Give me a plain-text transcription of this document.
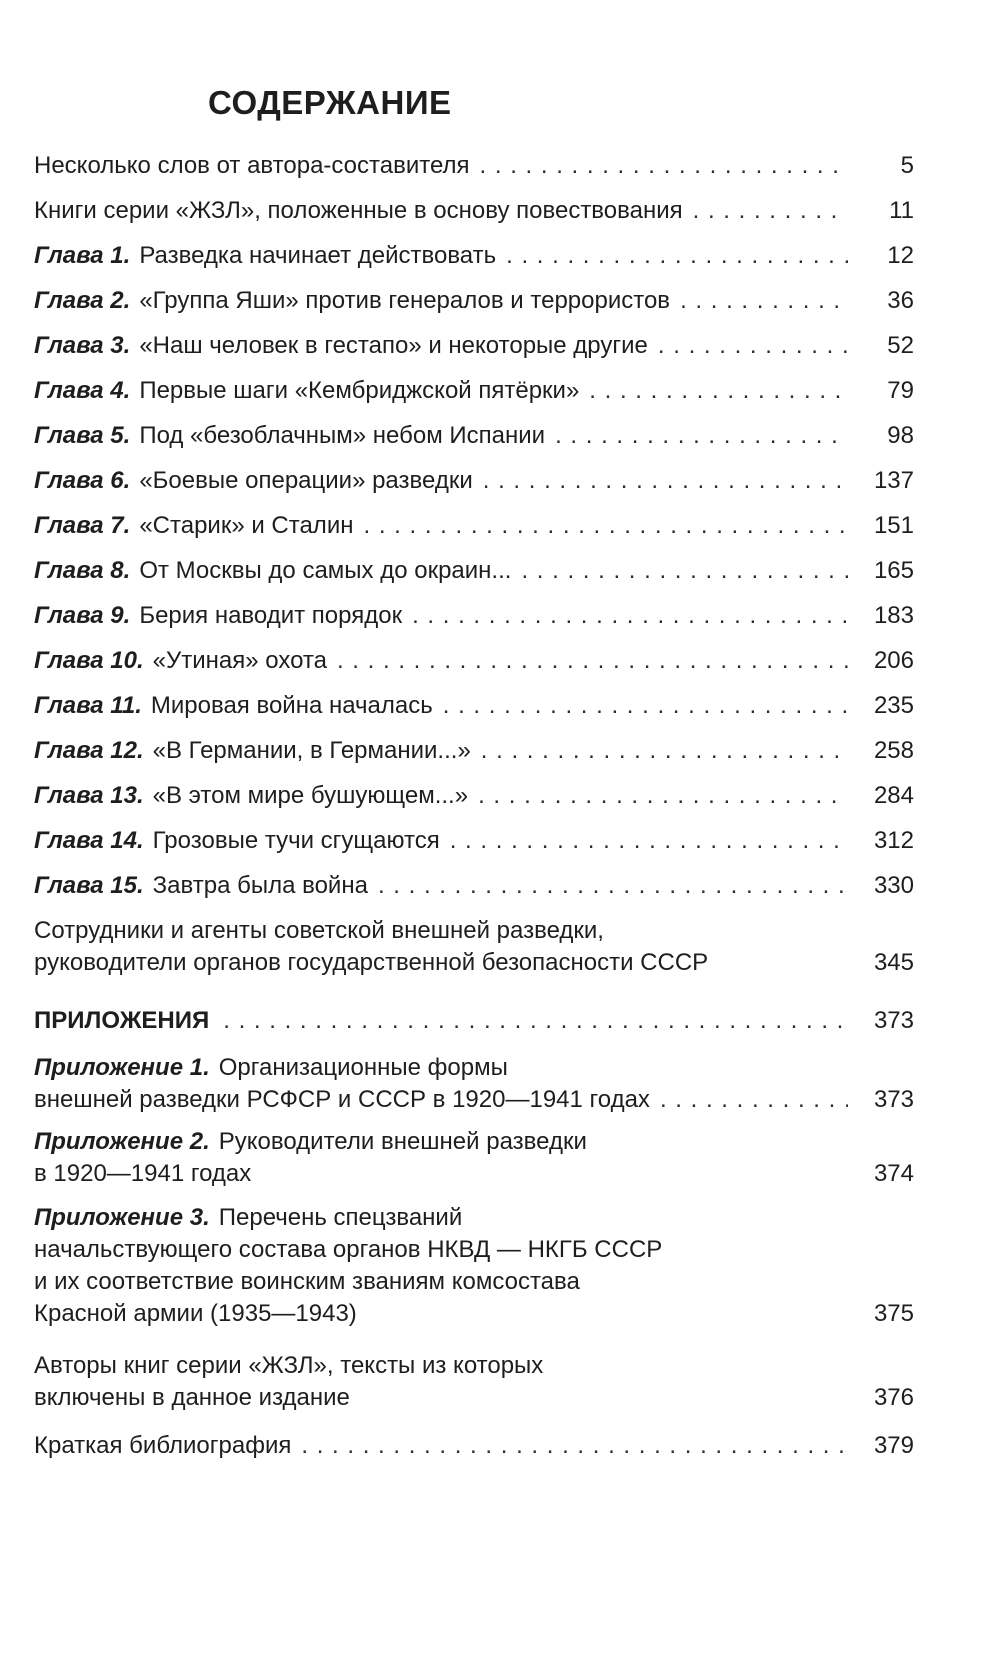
СОДЕРЖАНИЕ
Несколько слов от автора-составителя . . .	5
Книги серии «ЖЗЛ», положенные в основу повествования . . .	11
Глава 1. Разведка начинает действовать . . .	12
Глава 2. «Группа Яши» против генералов и террористов . . .	36
Глава 3. «Наш человек в гестапо» и некоторые другие . . .	52
Глава 4. Первые шаги «Кембриджской пятёрки» . . .	79
Глава 5. Под «безоблачным» небом Испании . . .	98
Глава 6. «Боевые операции» разведки . . .	137
Глава 7. «Старик» и Сталин . . .	151
Глава 8. От Москвы до самых до окраин... . . .	165
Глава 9. Берия наводит порядок . . .	183
Глава 10. «Утиная» охота . . .	206
Глава 11. Мировая война началась . . .	235
Глава 12. «В Германии, в Германии...» . . .	258
Глава 13. «В этом мире бушующем...» . . .	284
Глава 14. Грозовые тучи сгущаются . . .	312
Глава 15. Завтра была война . . .	330
Сотрудники и агенты советской внешней разведки,
руководители органов государственной безопасности СССР	345
ПРИЛОЖЕНИЯ . . .	373
Приложение 1. Организационные формы
внешней разведки РСФСР и СССР в 1920—1941 годах . . .	373
Приложение 2. Руководители внешней разведки
в 1920—1941 годах	374
Приложение 3. Перечень спецзваний
начальствующего состава органов НКВД — НКГБ СССР
и их соответствие воинским званиям комсостава
Красной армии (1935—1943)	375
Авторы книг серии «ЖЗЛ», тексты из которых
включены в данное издание	376
Краткая библиография . . .	379
